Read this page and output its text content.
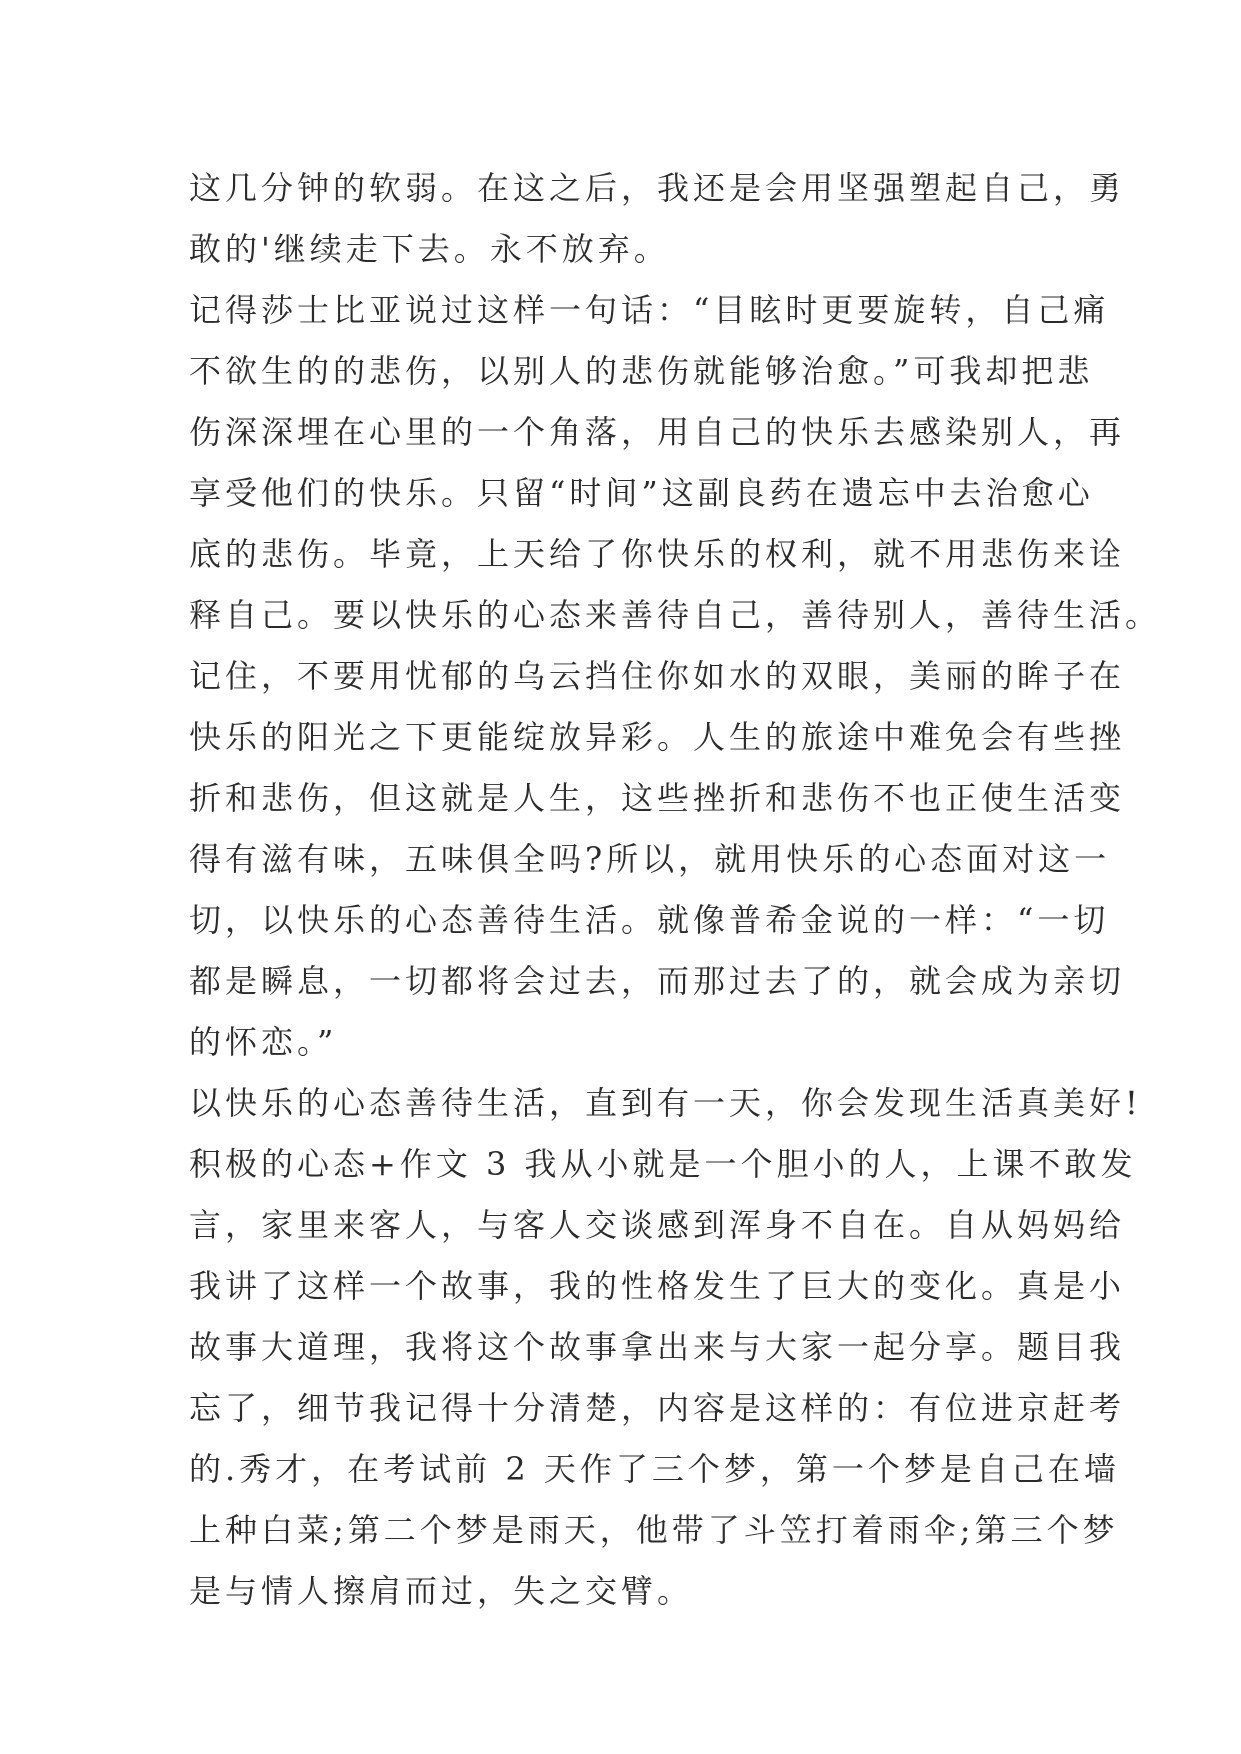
这几分钟的软弱。在这之后，我还是会用坚强塑起自己，勇
敢的'继续走下去。永不放弃。
记得莎士比亚说过这样一句话：“目眩时更要旋转，自己痛
不欲生的的悲伤，以别人的悲伤就能够治愈。”可我却把悲
伤深深埋在心里的一个角落，用自己的快乐去感染别人，再
享受他们的快乐。只留“时间”这副良药在遗忘中去治愈心
底的悲伤。毕竟，上天给了你快乐的权利，就不用悲伤来诠
释自己。要以快乐的心态来善待自己，善待别人，善待生活。
记住，不要用忧郁的乌云挡住你如水的双眼，美丽的眸子在
快乐的阳光之下更能绽放异彩。人生的旅途中难免会有些挫
折和悲伤，但这就是人生，这些挫折和悲伤不也正使生活变
得有滋有味，五味俱全吗?所以，就用快乐的心态面对这一
切，以快乐的心态善待生活。就像普希金说的一样：“一切
都是瞬息，一切都将会过去，而那过去了的，就会成为亲切
的怀恋。”
以快乐的心态善待生活，直到有一天，你会发现生活真美好!
积极的心态+作文 3 我从小就是一个胆小的人，上课不敢发
言，家里来客人，与客人交谈感到浑身不自在。自从妈妈给
我讲了这样一个故事，我的性格发生了巨大的变化。真是小
故事大道理，我将这个故事拿出来与大家一起分享。题目我
忘了，细节我记得十分清楚，内容是这样的：有位进京赶考
的.秀才，在考试前 2 天作了三个梦，第一个梦是自己在墙
上种白菜;第二个梦是雨天，他带了斗笠打着雨伞;第三个梦
是与情人擦肩而过，失之交臂。
